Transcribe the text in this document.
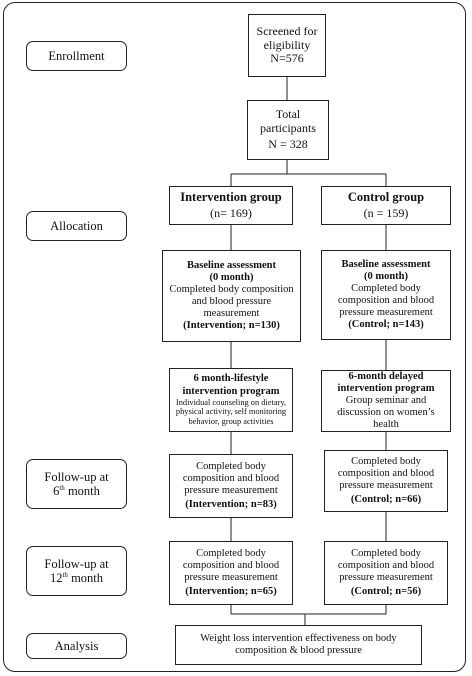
Enrollment
Allocation
Follow-up at
6th month
Follow-up at
12th month
Analysis
Screened for
eligibility
N=576
Total participants
N = 328
Intervention group
(n= 169)
Control group
(n = 159)
Baseline assessment
(0 month)
Completed body composition and blood pressure measurement
(Intervention; n=130)
Baseline assessment
(0 month)
Completed body composition and blood pressure measurement
(Control; n=143)
6 month-lifestyle intervention program
Individual counseling on dietary, physical activity, self monitoring behavior, group activities
6-month delayed intervention program
Group seminar and discussion on women’s health
Completed body composition and blood pressure measurement
(Intervention; n=83)
Completed body composition and blood pressure measurement
(Control; n=66)
Completed body composition and blood pressure measurement
(Intervention; n=65)
Completed body composition and blood pressure measurement
(Control; n=56)
Weight loss intervention effectiveness on body composition & blood pressure
